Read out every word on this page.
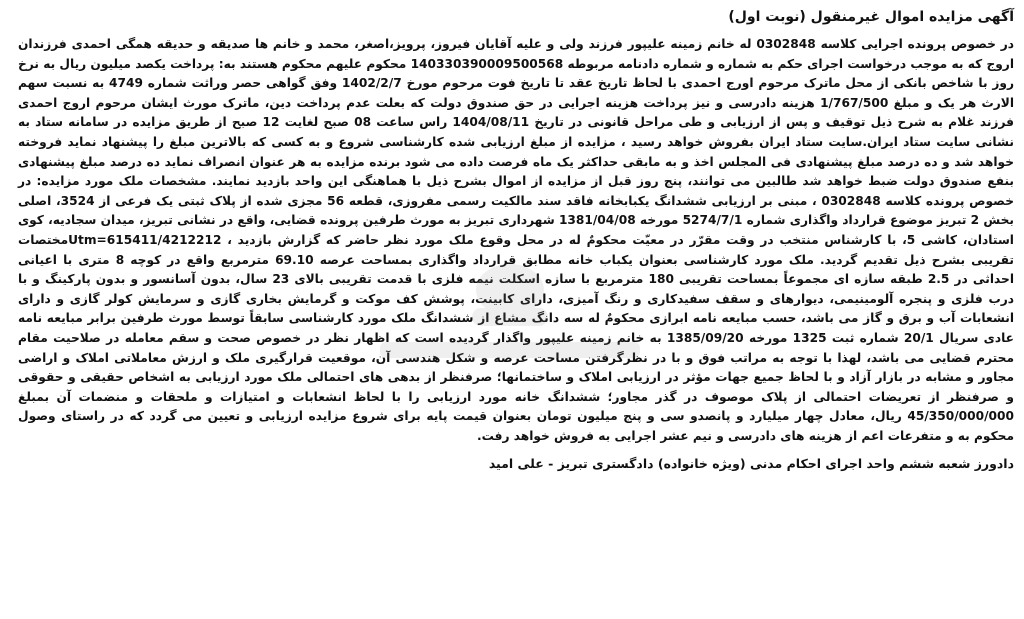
آگهی مزایده اموال غیرمنقول (نوبت اول)
در خصوص پرونده اجرایی کلاسه 0302848 له خانم زمینه علیپور فرزند ولی و علیه آقایان فیروز، پرویز،اصغر، محمد و خانم ها صدیقه و حدیقه همگی احمدی فرزندان اروج که به موجب درخواست اجرای حکم به شماره و شماره دادنامه مربوطه 140330390009500568 محکوم علیهم محکوم هستند به: پرداخت یکصد میلیون ریال به نرخ روز با شاخص بانکی از محل ماترک مرحوم اورج احمدی با لحاظ تاریخ عقد تا تاریخ فوت مرحوم مورخ 1402/2/7 وفق گواهی حصر وراثت شماره 4749 به نسبت سهم الارث هر یک و مبلغ 1/767/500 هزینه دادرسی و نیز پرداخت هزینه اجرایی در حق صندوق دولت که بعلت عدم پرداخت دین، ماترک مورث ایشان مرحوم اروج احمدی فرزند غلام به شرح ذیل توقیف و پس از ارزیابی و طی مراحل قانونی در تاریخ 1404/08/11 راس ساعت 08 صبح لغایت 12 صبح از طریق مزایده در سامانه ستاد به نشانی سایت ستاد ایران.سایت ستاد ایران بفروش خواهد رسید ، مزایده از مبلغ ارزیابی شده کارشناسی شروع و به کسی که بالاترین مبلغ را پیشنهاد نماید فروخته خواهد شد و ده درصد مبلغ پیشنهادی فی المجلس اخذ و به مابقی حداکثر یک ماه فرصت داده می شود برنده مزایده به هر عنوان انصراف نماید ده درصد مبلغ پیشنهادی بنفع صندوق دولت ضبط خواهد شد طالبین می توانند، پنج روز قبل از مزایده از اموال بشرح ذیل با هماهنگی این واحد بازدید نمایند. مشخصات ملک مورد مزایده: در خصوص پرونده کلاسه 0302848 ، مبنی بر ارزیابی ششدانگ یکبابخانه فاقد سند مالکیت رسمی مفروزی، قطعه 56 مجزی شده از پلاک ثبتی یک فرعی از 3524، اصلی بخش 2 تبریز موضوع قرارداد واگذاری شماره 5274/7/1 مورخه 1381/04/08 شهرداری تبریز به مورث طرفین پرونده قضایی، واقع در نشانی تبریز، میدان سجادیه، کوی استادان، کاشی 5، با کارشناس منتخب در وقت مقرّر در معیّت محکومٌ له در محل وقوع ملک مورد نظر حاضر که گزارش بازدید ، Utm=615411/4212212مختصات تقریبی بشرح ذیل تقدیم گردید. ملک مورد کارشناسی بعنوان یکباب خانه مطابق قرارداد واگذاری بمساحت عرصه 69.10 مترمربع واقع در کوچه 8 متری با اعیانی احداثی در 2.5 طبقه سازه ای مجموعاً بمساحت تقریبی 180 مترمربع با سازه اسکلت نیمه فلزی با قدمت تقریبی بالای 23 سال، بدون آسانسور و بدون پارکینگ و با درب فلزی و پنجره آلومینیمی، دیوارهای و سقف سفیدکاری و رنگ آمیزی، دارای کابینت، پوشش کف موکت و گرمایش بخاری گازی و سرمایش کولر گازی و دارای انشعابات آب و برق و گاز می باشد، حسب مبایعه نامه ابرازی محکومٌ له سه دانگ مشاع از ششدانگ ملک مورد کارشناسی سابقاً توسط مورث طرفین برابر مبایعه نامه عادی سریال 20/1 شماره ثبت 1325 مورخه 1385/09/20 به خانم زمینه علیپور واگذار گردیده است که اظهار نظر در خصوص صحت و سقم معامله در صلاحیت مقام محترم قضایی می باشد، لهذا با توجه به مراتب فوق و با در نظرگرفتن مساحت عرصه و شکل هندسی آن، موقعیت قرارگیری ملک و ارزش معاملاتی املاک و اراضی مجاور و مشابه در بازار آزاد و با لحاظ جمیع جهات مؤثر در ارزیابی املاک و ساختمانها؛ صرفنظر از بدهی های احتمالی ملک مورد ارزیابی به اشخاص حقیقی و حقوقی و صرفنظر از تعریضات احتمالی از پلاک موصوف در گذر مجاور؛ ششدانگ خانه مورد ارزیابی را با لحاظ انشعابات و امتیازات و ملحقات و منضمات آن بمبلغ 45/350/000/000 ریال، معادل چهار میلیارد و پانصدو سی و پنج میلیون تومان بعنوان قیمت پایه برای شروع مزایده ارزیابی و تعیین می گردد که در راستای وصول محکوم به و متفرعات اعم از هزینه های دادرسی و نیم عشر اجرایی به فروش خواهد رفت.
دادورز شعبه ششم واحد اجرای احکام مدنی (ویژه خانواده) دادگستری تبریز - علی امید
